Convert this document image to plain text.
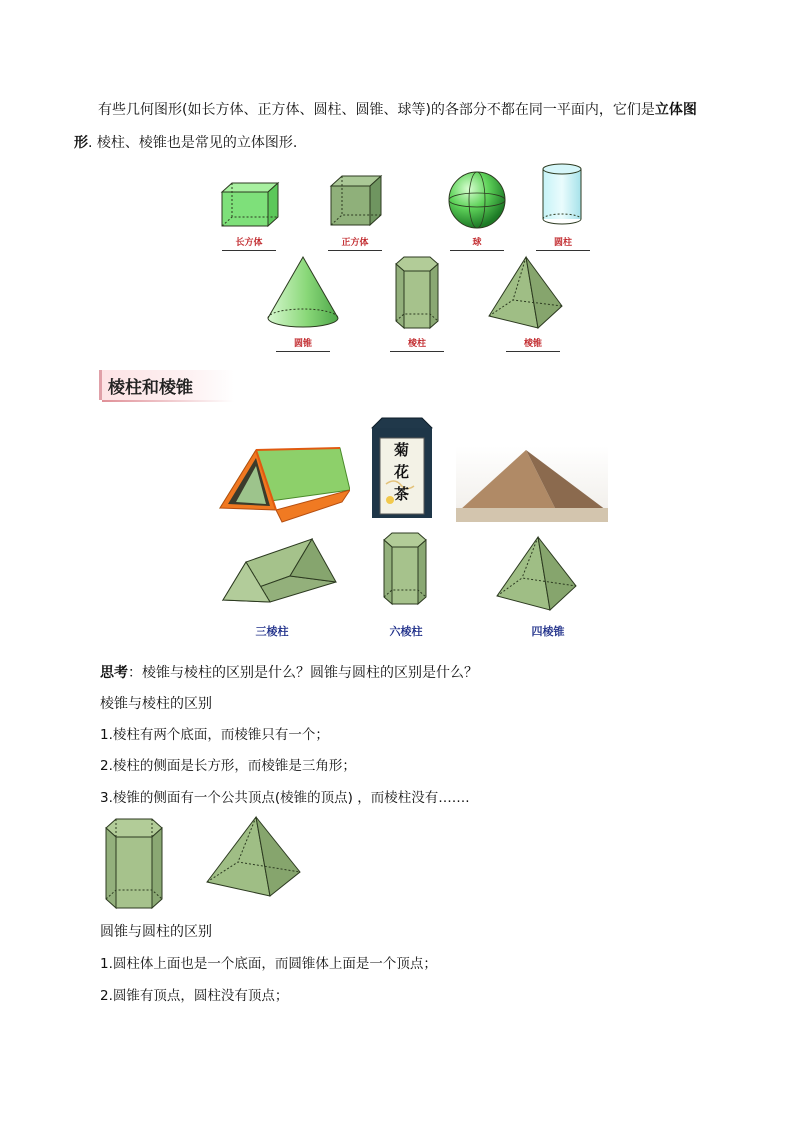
有些几何图形(如长方体、正方体、圆柱、圆锥、球等)的各部分不都在同一平面内，它们是立体图
形. 棱柱、棱锥也是常见的立体图形.
长方体	正方体	球	圆柱
圆锥	棱柱	棱锥
棱柱和棱锥
菊
花
茶
三棱柱	六棱柱	四棱锥
思考：棱锥与棱柱的区别是什么？圆锥与圆柱的区别是什么？
棱锥与棱柱的区别
1.棱柱有两个底面，而棱锥只有一个；
2.棱柱的侧面是长方形，而棱锥是三角形；
3.棱锥的侧面有一个公共顶点(棱锥的顶点) ，而棱柱没有…….
圆锥与圆柱的区别
1.圆柱体上面也是一个底面，而圆锥体上面是一个顶点；
2.圆锥有顶点，圆柱没有顶点；
